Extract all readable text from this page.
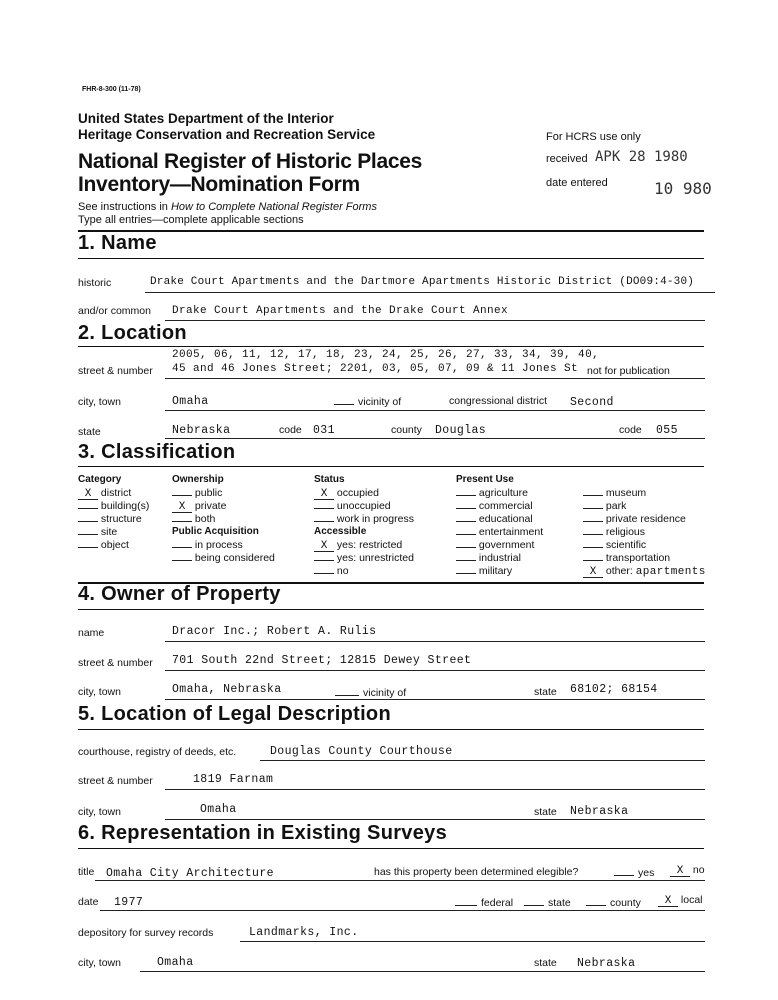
FHR-8-300 (11-78)
United States Department of the Interior
Heritage Conservation and Recreation Service
National Register of Historic Places
Inventory—Nomination Form
See instructions in How to Complete National Register Forms
Type all entries—complete applicable sections
For HCRS use only
received APK 28 1980
date entered	10 980
1. Name
historic	Drake Court Apartments and the Dartmore Apartments Historic District (DO09:4-30)
and/or common Drake Court Apartments and the Drake Court Annex
2. Location
2005, 06, 11, 12, 17, 18, 23, 24, 25, 26, 27, 33, 34, 39, 40,
street & number 45 and 46 Jones Street; 2201, 03, 05, 07, 09 & 11 Jones St not for publication
city, town	Omaha	vicinity of	congressional district Second
state	Nebraska	code 031	county Douglas	code 055
3. Classification
Category
X district
building(s)
structure
site
object
Ownership
public
X private
both
Public Acquisition
in process
being considered
Status
X occupied
unoccupied
work in progress
Accessible
X yes: restricted
yes: unrestricted
no
Present Use
agriculture
commercial
educational
entertainment
government
industrial
military
museum
park
private residence
religious
scientific
transportation
X other: apartments
4. Owner of Property
name	Dracor Inc.; Robert A. Rulis
street & number 701 South 22nd Street; 12815 Dewey Street
city, town	Omaha, Nebraska	vicinity of	state 68102; 68154
5. Location of Legal Description
courthouse, registry of deeds, etc.	Douglas County Courthouse
street & number	1819 Farnam
city, town	Omaha	state Nebraska
6. Representation in Existing Surveys
title Omaha City Architecture	has this property been determined elegible?	yes	X no
date 1977	federal	state	county	X local
depository for survey records	Landmarks, Inc.
city, town	Omaha	state Nebraska
